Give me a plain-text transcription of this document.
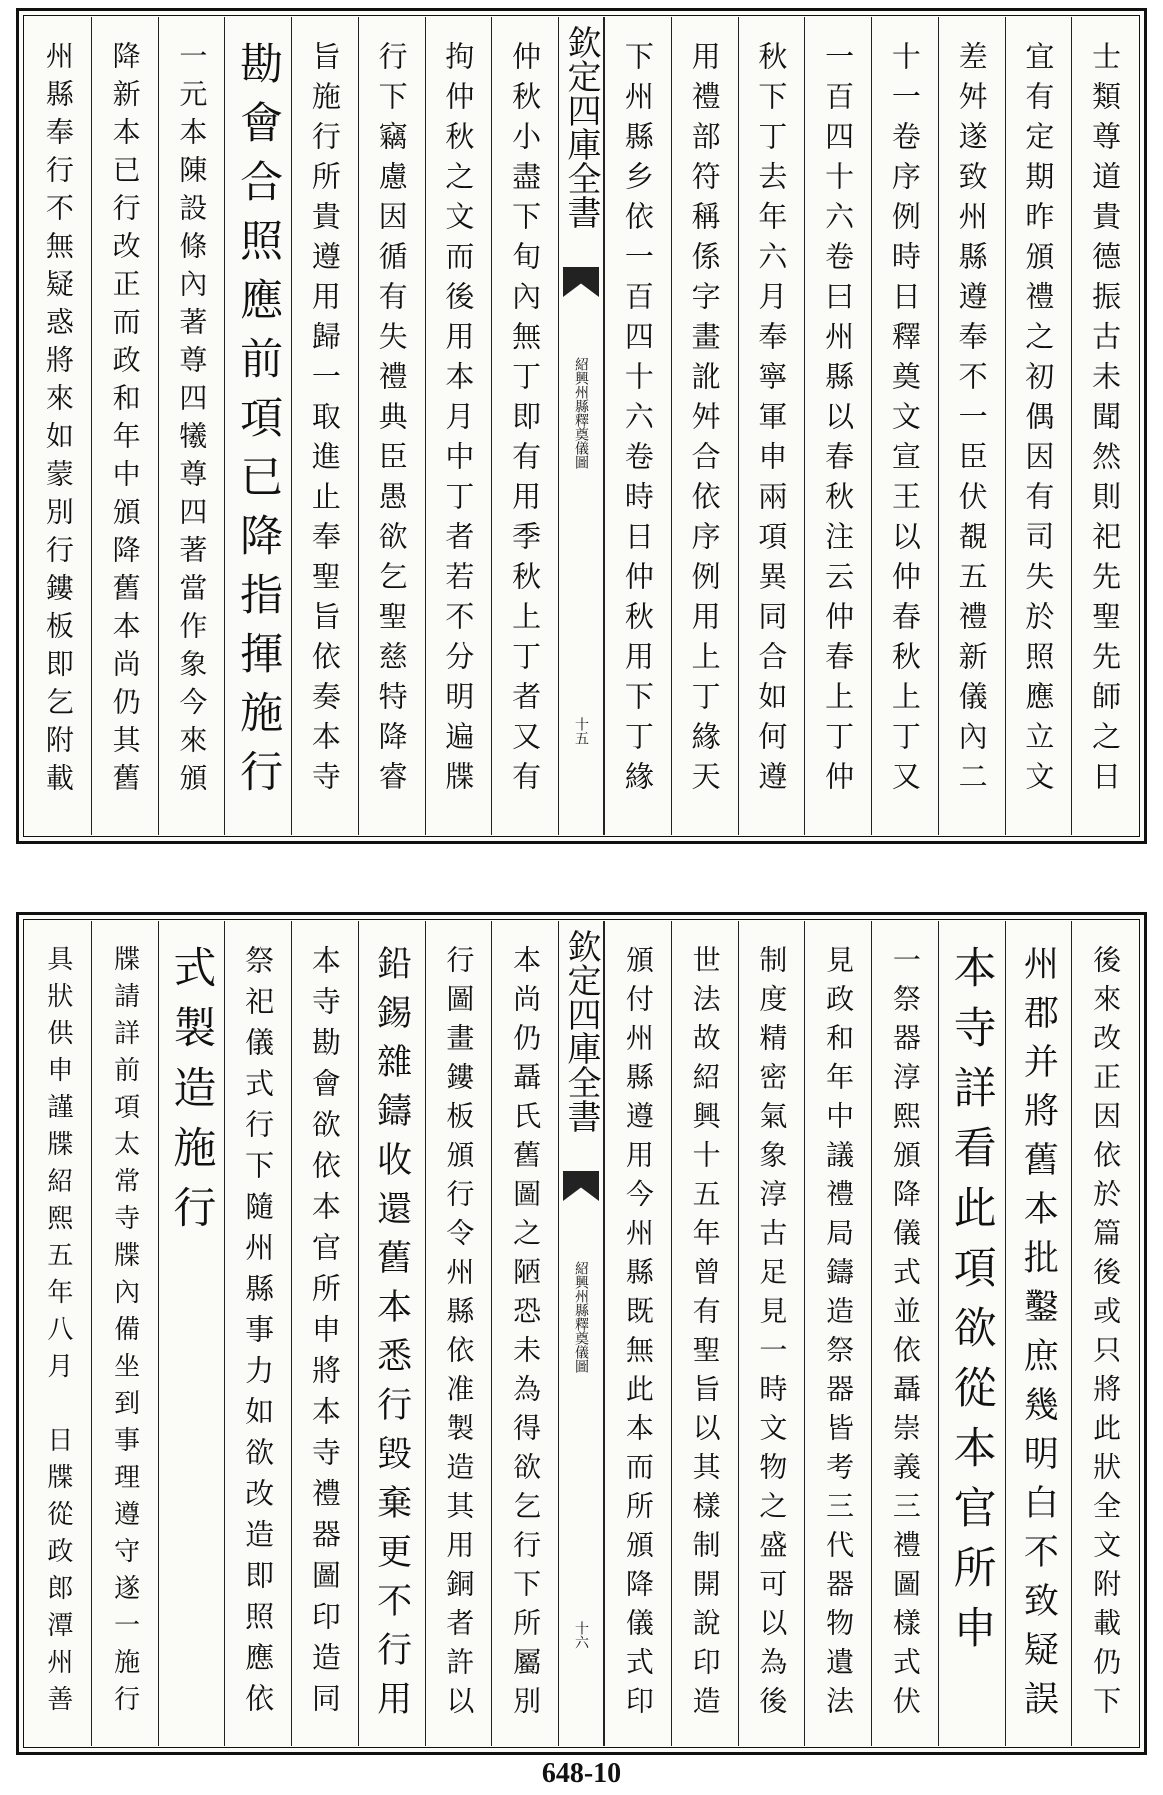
士類尊道貴德振古未聞然則祀先聖先師之日
宜有定期昨頒禮之初偶因有司失於照應立文
差舛遂致州縣遵奉不一臣伏覩五禮新儀內二
十一卷序例時日釋奠文宣王以仲春秋上丁又
一百四十六卷曰州縣以春秋注云仲春上丁仲
秋下丁去年六月奉寧軍申兩項異同合如何遵
用禮部符稱係字畫訛舛合依序例用上丁緣天
下州縣乡依一百四十六卷時日仲秋用下丁緣
欽定四庫全書
紹興州縣釋奠儀圖
十五
仲秋小盡下旬內無丁即有用季秋上丁者又有
拘仲秋之文而後用本月中丁者若不分明遍牒
行下竊慮因循有失禮典臣愚欲乞聖慈特降睿
旨施行所貴遵用歸一取進止奉聖旨依奏本寺
勘會合照應前項已降指揮施行
一元本陳設條內著尊四犧尊四著當作象今來頒
降新本已行改正而政和年中頒降舊本尚仍其舊
州縣奉行不無疑惑將來如蒙別行鏤板即乞附載
後來改正因依於篇後或只將此狀全文附載仍下
州郡并將舊本批鑿庶幾明白不致疑誤
本寺詳看此項欲從本官所申
一祭器淳熙頒降儀式並依聶崇義三禮圖樣式伏
見政和年中議禮局鑄造祭器皆考三代器物遺法
制度精密氣象淳古足見一時文物之盛可以為後
世法故紹興十五年曾有聖旨以其樣制開說印造
頒付州縣遵用今州縣既無此本而所頒降儀式印
欽定四庫全書
紹興州縣釋奠儀圖
十六
本尚仍聶氏舊圖之陋恐未為得欲乞行下所屬別
行圖畫鏤板頒行令州縣依准製造其用銅者許以
鉛錫雜鑄收還舊本悉行毀棄更不行用
本寺勘會欲依本官所申將本寺禮器圖印造同
祭祀儀式行下隨州縣事力如欲改造即照應依
式製造施行
牒請詳前項太常寺牒內備坐到事理遵守遂一施行
具狀供申謹牒紹熙五年八月　日牒從政郎潭州善
648-10
